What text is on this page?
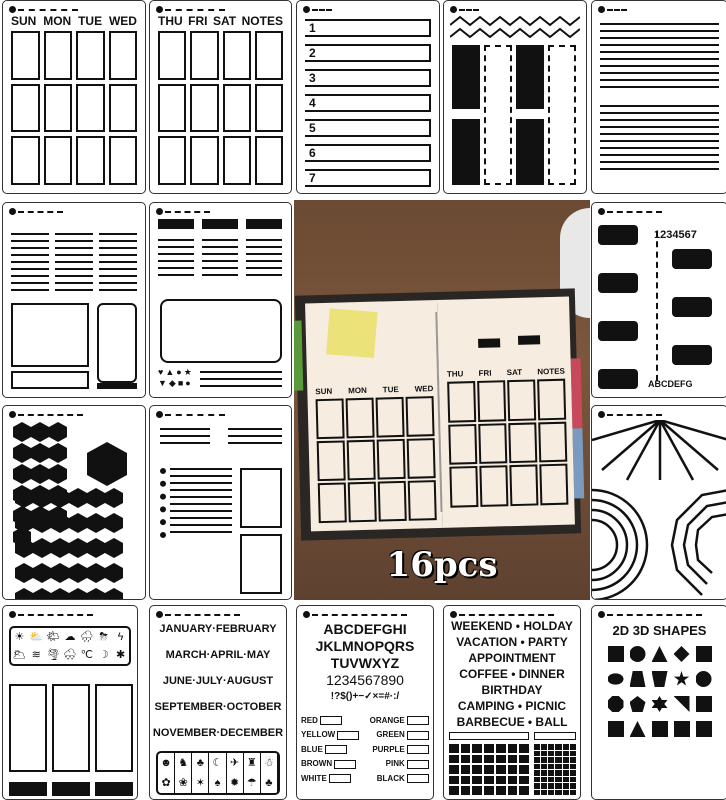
SUN MON TUE WED THU FRI SAT NOTES	1
2
3
4
5
6
7
♥▲●★
▼◆■●
1234567
ABCDEFG
SUN MON TUE WED
THU FRI SAT NOTES
16pcs
☀ ⛅ 🌤 ☁ 🌧 ⛈ ϟ
🌥 ≋ 🌪 🌨 ℃ ☽ ✱
JANUARY·FEBRUARY
MARCH·APRIL·MAY
JUNE·JULY·AUGUST
SEPTEMBER·OCTOBER
NOVEMBER·DECEMBER
☻ ♞ ♣ ☾ ✈ ♜ ☃
✿ ❀ ✶ ♠ ✹ ☂ ♣
ABCDEFGHI
JKLMNOPQRS
TUVWXYZ
1234567890
!?$()+−✓×=#·:/
RED	ORANGE
YELLOW	GREEN
BLUE	PURPLE
BROWN	PINK
WHITE	BLACK
WEEKEND • HOLDAY
VACATION • PARTY
APPOINTMENT
COFFEE • DINNER
BIRTHDAY
CAMPING • PICNIC
BARBECUE • BALL
2D 3D SHAPES
